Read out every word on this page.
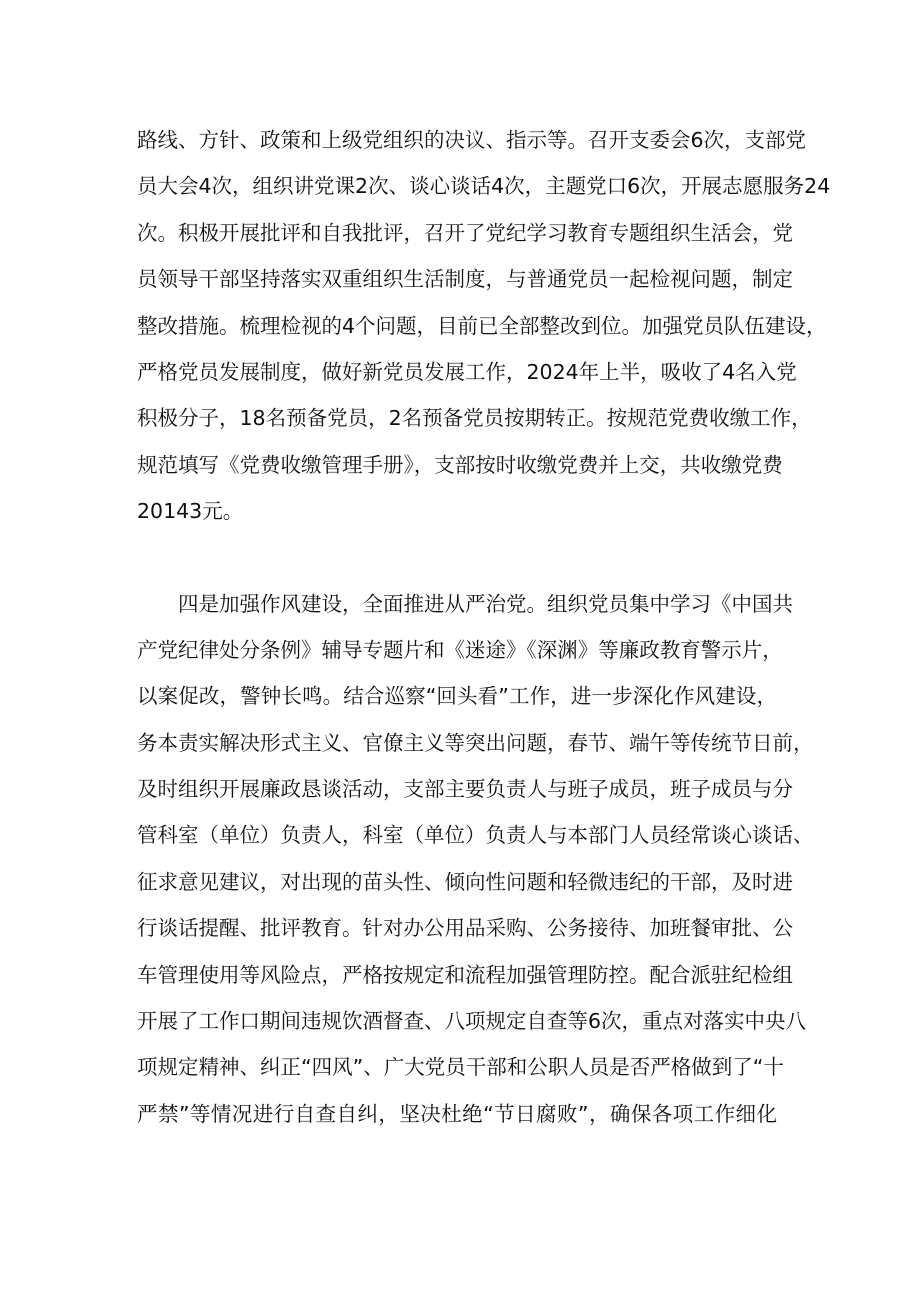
路线、方针、政策和上级党组织的决议、指示等。召开支委会6次，支部党
员大会4次，组织讲党课2次、谈心谈话4次，主题党口6次，开展志愿服务24
次。积极开展批评和自我批评，召开了党纪学习教育专题组织生活会，党
员领导干部坚持落实双重组织生活制度，与普通党员一起检视问题，制定
整改措施。梳理检视的4个问题，目前已全部整改到位。加强党员队伍建设，
严格党员发展制度，做好新党员发展工作，2024年上半，吸收了4名入党
积极分子，18名预备党员，2名预备党员按期转正。按规范党费收缴工作，
规范填写《党费收缴管理手册》，支部按时收缴党费并上交，共收缴党费
20143元。
四是加强作风建设，全面推进从严治党。组织党员集中学习《中国共
产党纪律处分条例》辅导专题片和《迷途》《深渊》等廉政教育警示片，
以案促改，警钟长鸣。结合巡察“回头看”工作，进一步深化作风建设，
务本责实解决形式主义、官僚主义等突出问题，春节、端午等传统节日前，
及时组织开展廉政恳谈活动，支部主要负责人与班子成员，班子成员与分
管科室（单位）负责人，科室（单位）负责人与本部门人员经常谈心谈话、
征求意见建议，对出现的苗头性、倾向性问题和轻微违纪的干部，及时进
行谈话提醒、批评教育。针对办公用品采购、公务接待、加班餐审批、公
车管理使用等风险点，严格按规定和流程加强管理防控。配合派驻纪检组
开展了工作口期间违规饮酒督查、八项规定自查等6次，重点对落实中央八
项规定精神、纠正“四风”、广大党员干部和公职人员是否严格做到了“十
严禁”等情况进行自查自纠，坚决杜绝“节日腐败”，确保各项工作细化
